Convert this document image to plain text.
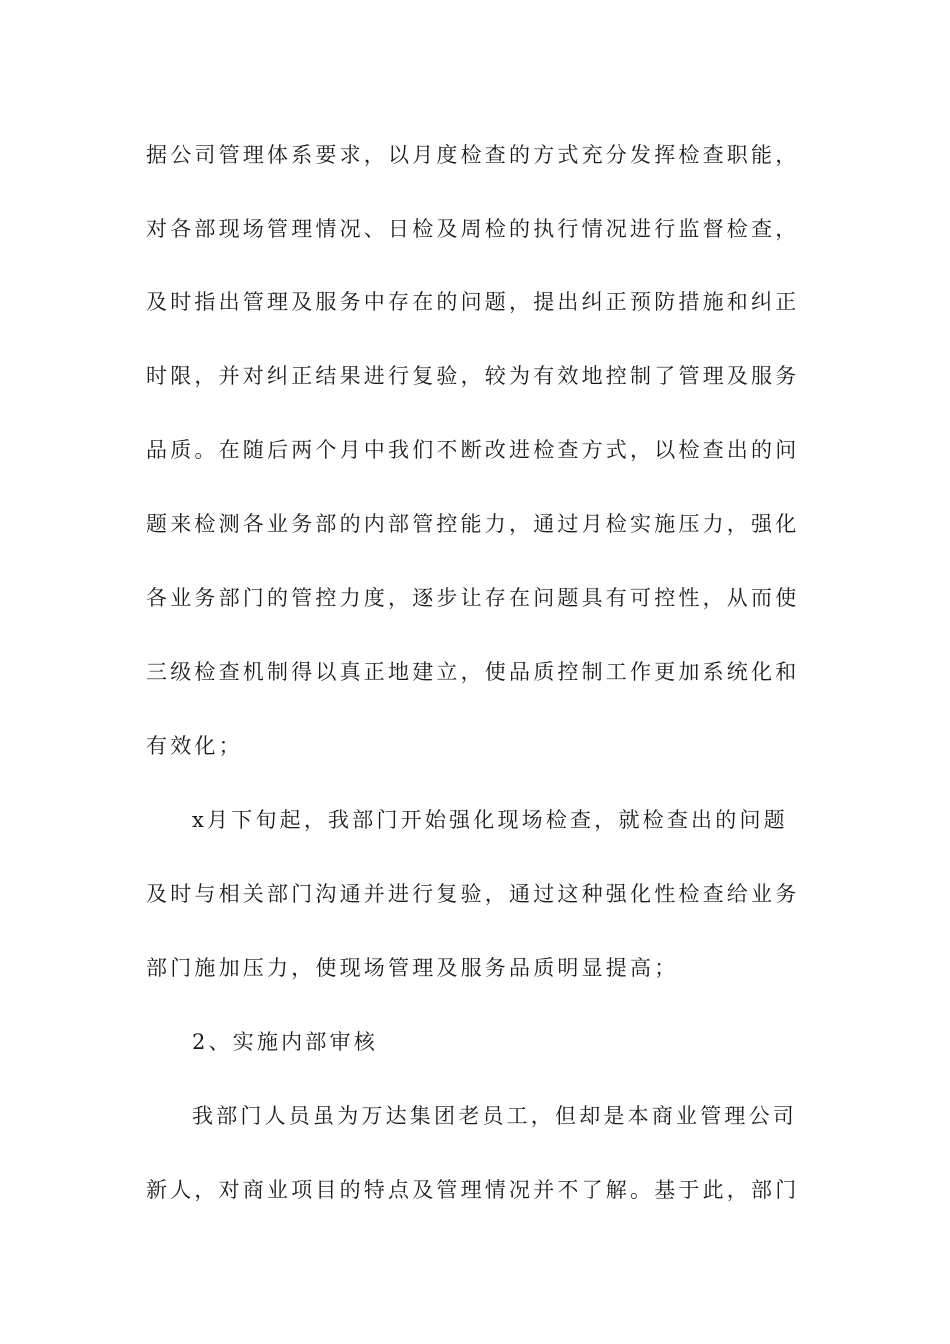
据公司管理体系要求，以月度检查的方式充分发挥检查职能，
对各部现场管理情况、日检及周检的执行情况进行监督检查，
及时指出管理及服务中存在的问题，提出纠正预防措施和纠正
时限，并对纠正结果进行复验，较为有效地控制了管理及服务
品质。在随后两个月中我们不断改进检查方式，以检查出的问
题来检测各业务部的内部管控能力，通过月检实施压力，强化
各业务部门的管控力度，逐步让存在问题具有可控性，从而使
三级检查机制得以真正地建立，使品质控制工作更加系统化和
有效化；
x月下旬起，我部门开始强化现场检查，就检查出的问题
及时与相关部门沟通并进行复验，通过这种强化性检查给业务
部门施加压力，使现场管理及服务品质明显提高；
2、实施内部审核
我部门人员虽为万达集团老员工，但却是本商业管理公司
新人，对商业项目的特点及管理情况并不了解。基于此，部门
